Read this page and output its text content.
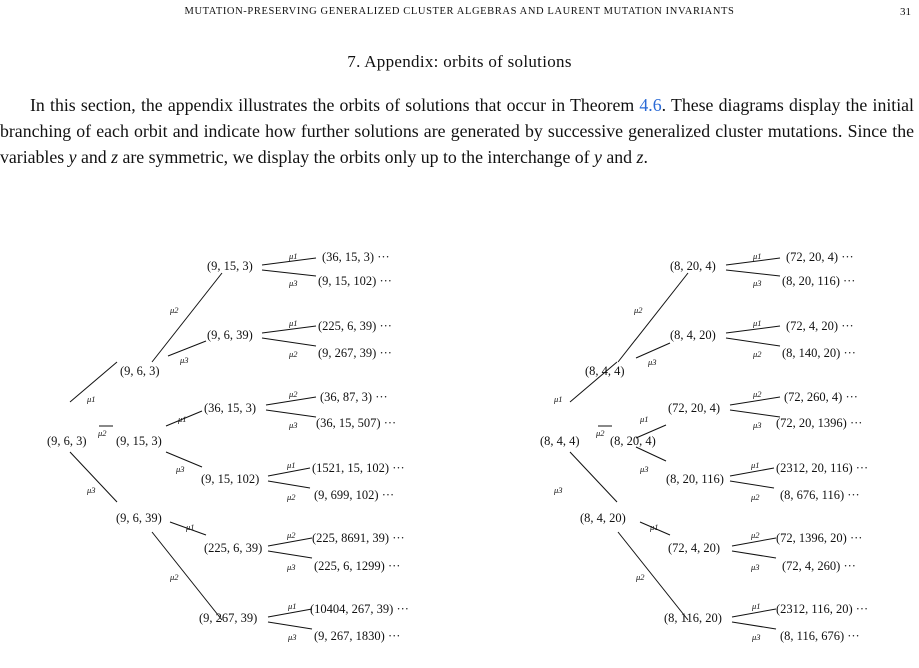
MUTATION-PRESERVING GENERALIZED CLUSTER ALGEBRAS AND LAURENT MUTATION INVARIANTS	31
7. Appendix: orbits of solutions

In this section, the appendix illustrates the orbits of solutions that occur in Theorem 4.6. These diagrams display the initial branching of each orbit and indicate how further solutions are generated by successive generalized cluster mutations. Since the variables y and z are symmetric, we display the orbits only up to the interchange of y and z.

(9, 6, 3)
μ2
(9, 15, 3)
(9, 6, 3)
(9, 6, 39)
μ1
μ3
(9, 15, 3)
(9, 6, 39)
(36, 15, 3)
(9, 15, 102)
(225, 6, 39)
(9, 267, 39)
μ2
μ3
μ1
μ3
μ1
μ2
μ1
μ3
μ1
μ2
μ2
μ3
μ1
μ2
μ2
μ3
μ1
μ3
(36, 15, 3) ···
(9, 15, 102) ···
(225, 6, 39) ···
(9, 267, 39) ···
(36, 87, 3) ···
(36, 15, 507) ···
(1521, 15, 102) ···
(9, 699, 102) ···
(225, 8691, 39) ···
(225, 6, 1299) ···
(10404, 267, 39) ···
(9, 267, 1830) ···
(8, 4, 4)
μ2
(8, 20, 4)
(8, 4, 4)
(8, 4, 20)
μ1
μ3
(8, 20, 4)
(8, 4, 20)
(72, 20, 4)
(8, 20, 116)
(72, 4, 20)
(8, 116, 20)
μ2
μ3
μ1
μ3
μ1
μ2
μ1
μ3
μ1
μ2
μ2
μ3
μ1
μ2
μ2
μ3
μ1
μ3
(72, 20, 4) ···
(8, 20, 116) ···
(72, 4, 20) ···
(8, 140, 20) ···
(72, 260, 4) ···
(72, 20, 1396) ···
(2312, 20, 116) ···
(8, 676, 116) ···
(72, 1396, 20) ···
(72, 4, 260) ···
(2312, 116, 20) ···
(8, 116, 676) ···
